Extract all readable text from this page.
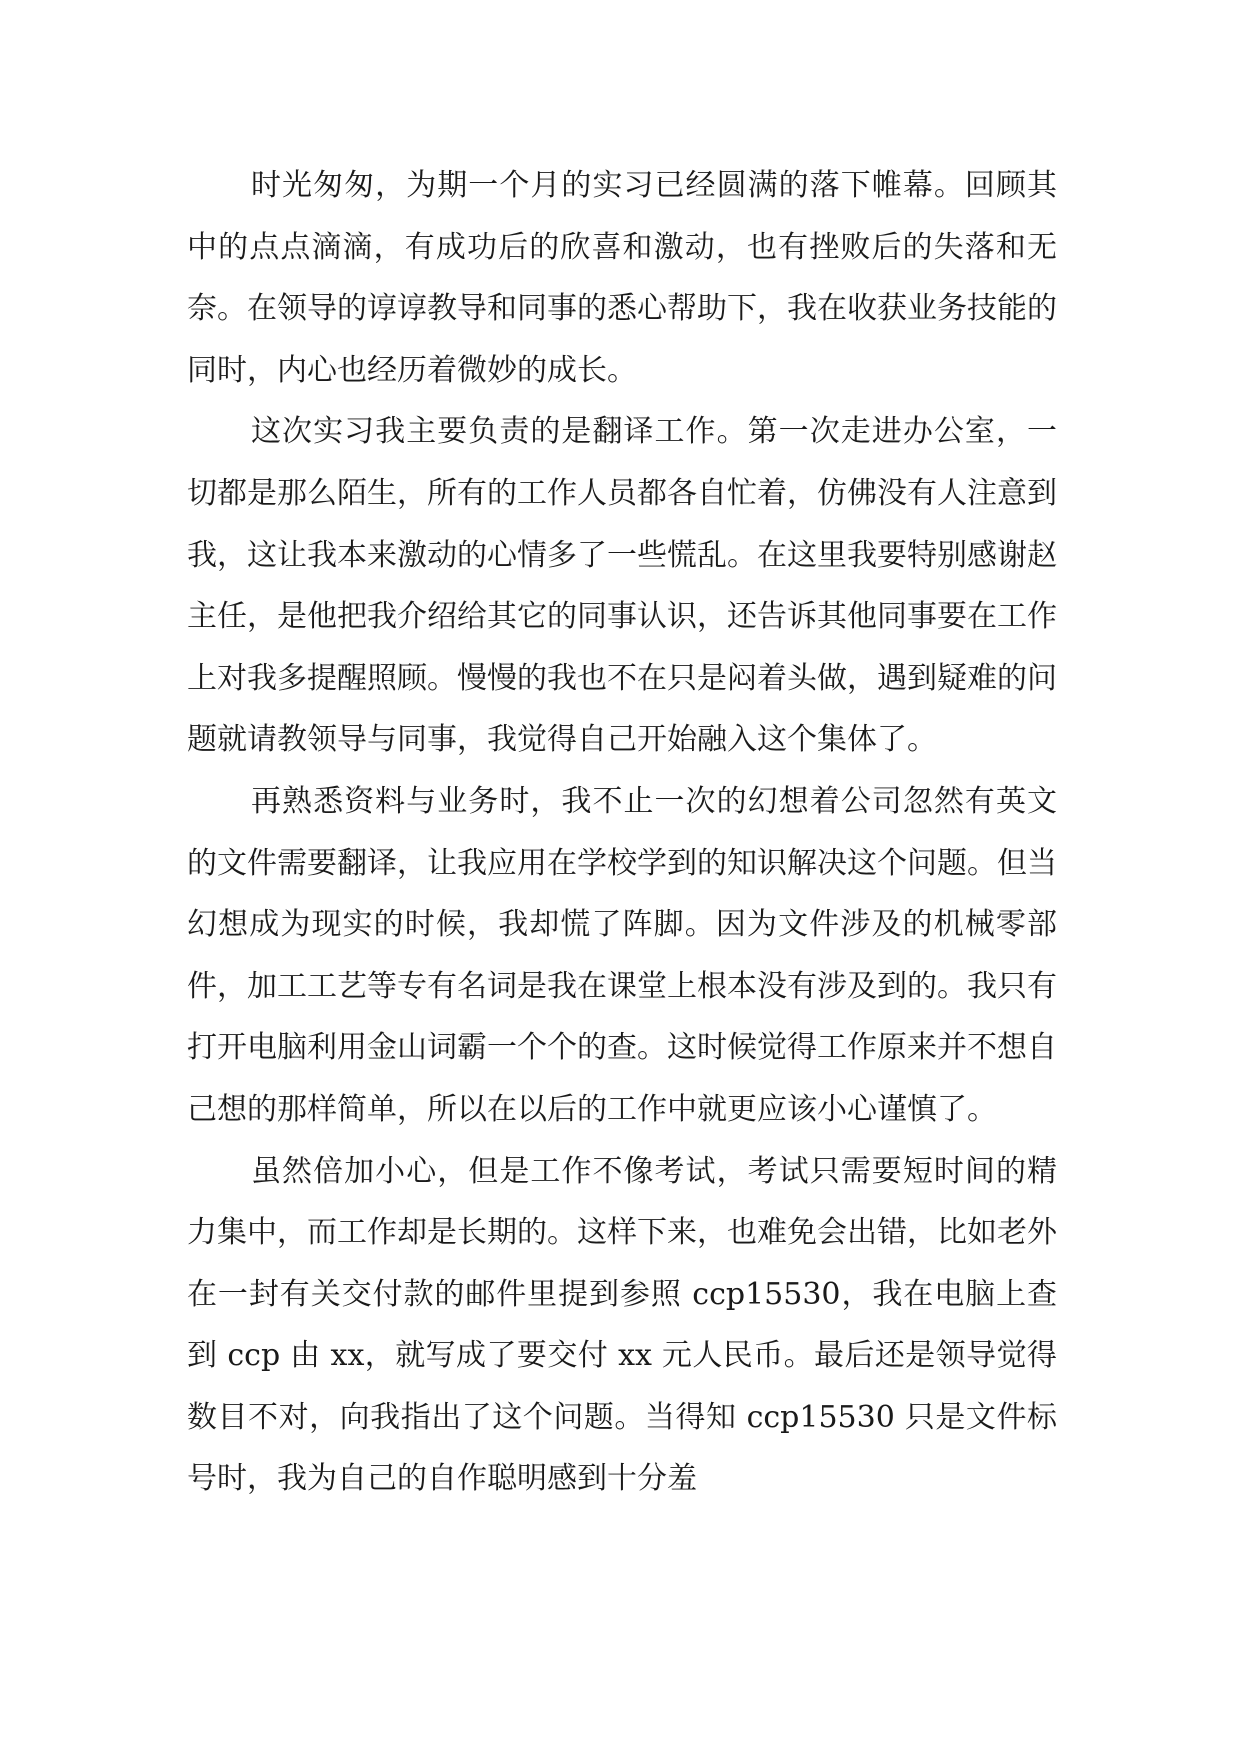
时光匆匆，为期一个月的实习已经圆满的落下帷幕。回顾其中的点点滴滴，有成功后的欣喜和激动，也有挫败后的失落和无奈。在领导的谆谆教导和同事的悉心帮助下，我在收获业务技能的同时，内心也经历着微妙的成长。

这次实习我主要负责的是翻译工作。第一次走进办公室，一切都是那么陌生，所有的工作人员都各自忙着，仿佛没有人注意到我，这让我本来激动的心情多了一些慌乱。在这里我要特别感谢赵主任，是他把我介绍给其它的同事认识，还告诉其他同事要在工作上对我多提醒照顾。慢慢的我也不在只是闷着头做，遇到疑难的问题就请教领导与同事，我觉得自己开始融入这个集体了。

再熟悉资料与业务时，我不止一次的幻想着公司忽然有英文的文件需要翻译，让我应用在学校学到的知识解决这个问题。但当幻想成为现实的时候，我却慌了阵脚。因为文件涉及的机械零部件，加工工艺等专有名词是我在课堂上根本没有涉及到的。我只有打开电脑利用金山词霸一个个的查。这时候觉得工作原来并不想自己想的那样简单，所以在以后的工作中就更应该小心谨慎了。

虽然倍加小心，但是工作不像考试，考试只需要短时间的精力集中，而工作却是长期的。这样下来，也难免会出错，比如老外在一封有关交付款的邮件里提到参照 ccp15530，我在电脑上查到 ccp 由 xx，就写成了要交付 xx 元人民币。最后还是领导觉得数目不对，向我指出了这个问题。当得知 ccp15530 只是文件标号时，我为自己的自作聪明感到十分羞
